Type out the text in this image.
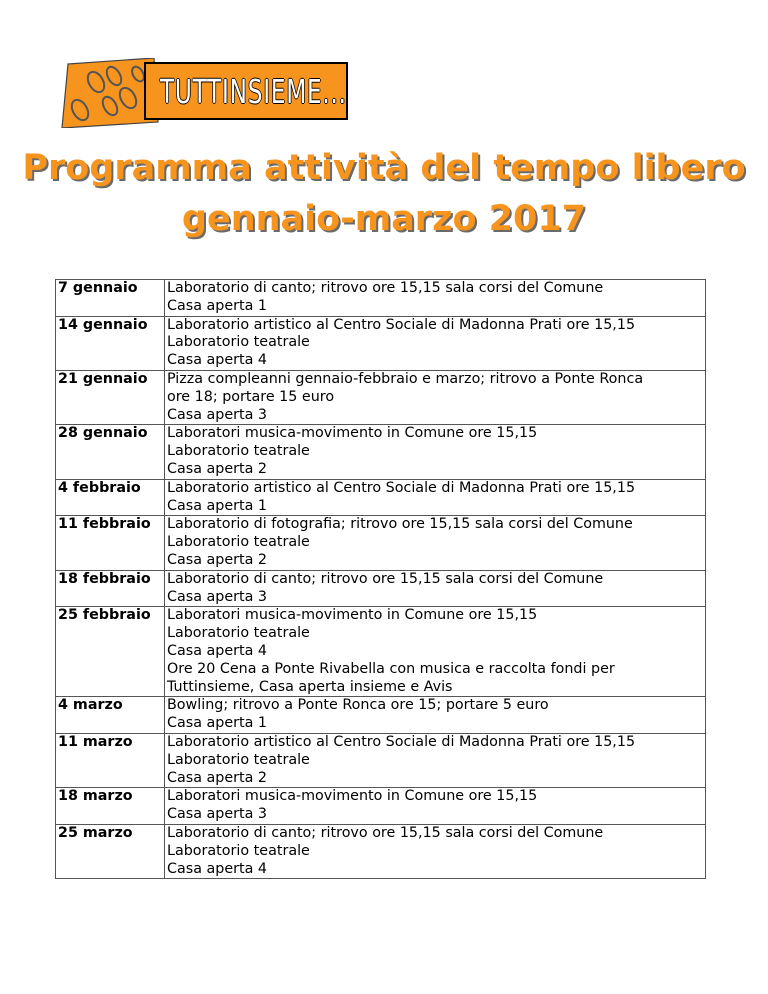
TUTTINSIEME...
Programma attività del tempo libero
gennaio-marzo 2017
7 gennaio	Laboratorio di canto; ritrovo ore 15,15 sala corsi del Comune
Casa aperta 1

14 gennaio	Laboratorio artistico al Centro Sociale di Madonna Prati ore 15,15
Laboratorio teatrale
Casa aperta 4

21 gennaio	Pizza compleanni gennaio-febbraio e marzo; ritrovo a Ponte Ronca
ore 18; portare 15 euro
Casa aperta 3

28 gennaio	Laboratori musica-movimento in Comune ore 15,15
Laboratorio teatrale
Casa aperta 2

4 febbraio	Laboratorio artistico al Centro Sociale di Madonna Prati ore 15,15
Casa aperta 1

11 febbraio	Laboratorio di fotografia; ritrovo ore 15,15 sala corsi del Comune
Laboratorio teatrale
Casa aperta 2

18 febbraio	Laboratorio di canto; ritrovo ore 15,15 sala corsi del Comune
Casa aperta 3

25 febbraio	Laboratori musica-movimento in Comune ore 15,15
Laboratorio teatrale
Casa aperta 4
Ore 20 Cena a Ponte Rivabella con musica e raccolta fondi per
Tuttinsieme, Casa aperta insieme e Avis

4 marzo	Bowling; ritrovo a Ponte Ronca ore 15; portare 5 euro
Casa aperta 1

11 marzo	Laboratorio artistico al Centro Sociale di Madonna Prati ore 15,15
Laboratorio teatrale
Casa aperta 2

18 marzo	Laboratori musica-movimento in Comune ore 15,15
Casa aperta 3

25 marzo	Laboratorio di canto; ritrovo ore 15,15 sala corsi del Comune
Laboratorio teatrale
Casa aperta 4
